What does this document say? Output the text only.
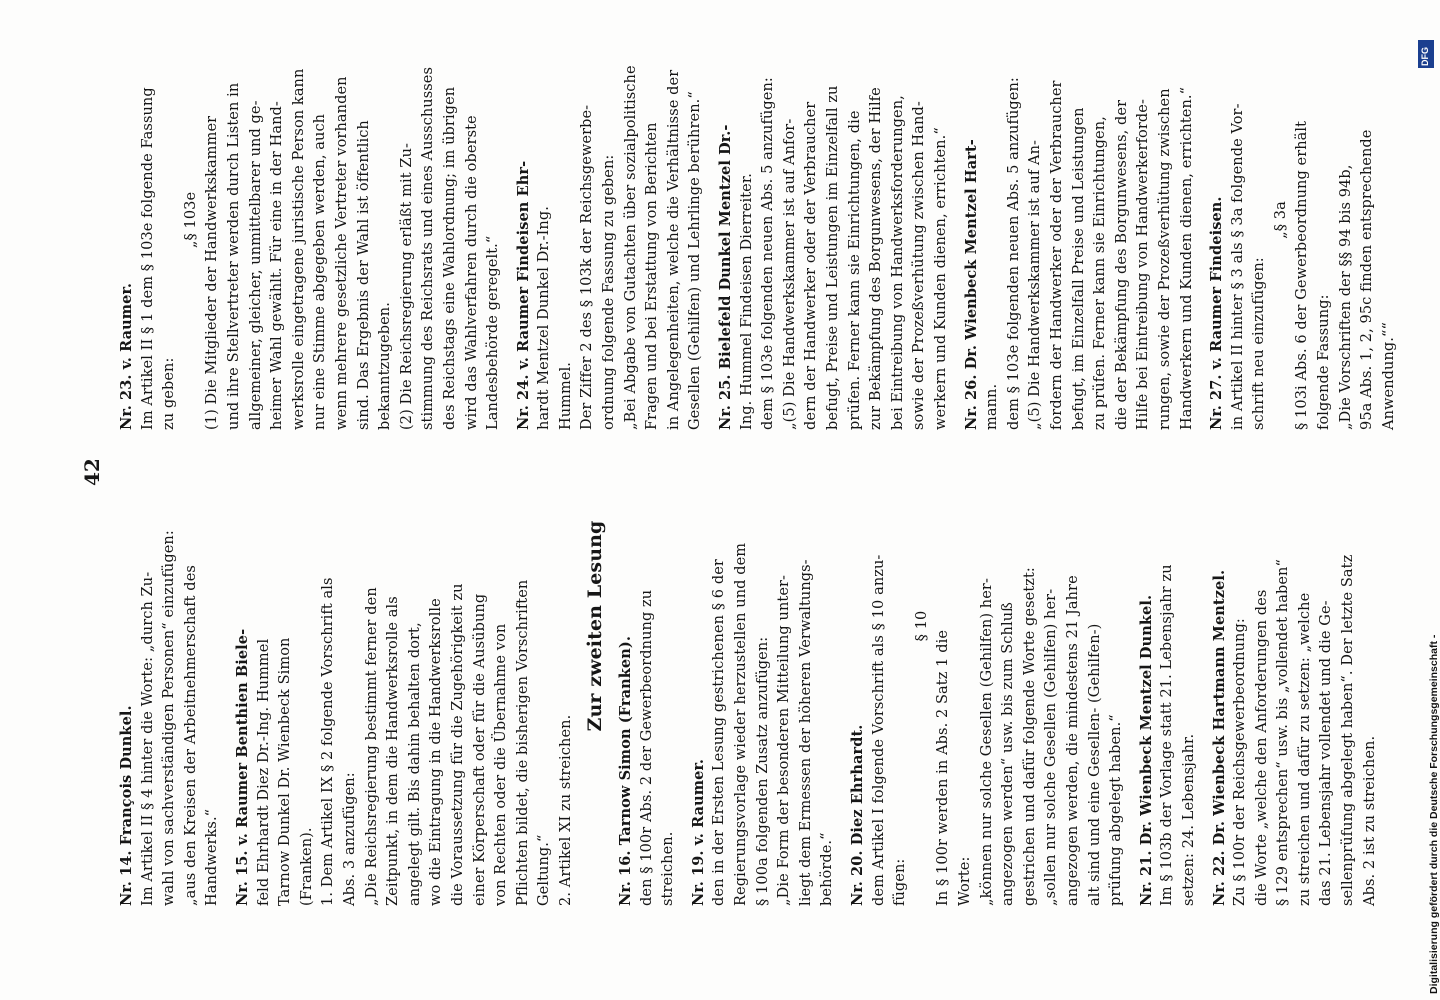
42
Nr. 14. François Dunkel. Im Artikel II § 4 hinter die Worte: „durch Zu- wahl von sachverständigen Personen“ einzufügen: „aus den Kreisen der Arbeitnehmerschaft des Handwerks.“ Nr. 15. v. Raumer Benthien Biele- feld Ehrhardt Diez Dr.-Ing. Hummel Tarnow Dunkel Dr. Wienbeck Simon (Franken). 1. Dem Artikel IX § 2 folgende Vorschrift als Abs. 3 anzufügen: „Die Reichsregierung bestimmt ferner den Zeitpunkt, in dem die Handwerksrolle als angelegt gilt. Bis dahin behalten dort, wo die Eintragung in die Handwerksrolle die Voraussetzung für die Zugehörigkeit zu einer Körperschaft oder für die Ausübung von Rechten oder die Übernahme von Pflichten bildet, die bisherigen Vorschriften Geltung.“ 2. Artikel XI zu streichen.
Zur zweiten Lesung
Nr. 16. Tarnow Simon (Franken). den § 100r Abs. 2 der Gewerbeordnung zu streichen. Nr. 19. v. Raumer. den in der Ersten Lesung gestrichenen § 6 der Regierungsvorlage wieder herzustellen und dem § 100a folgenden Zusatz anzufügen: „Die Form der besonderen Mitteilung unter- liegt dem Ermessen der höheren Verwaltungs- behörde.“ Nr. 20. Diez Ehrhardt. dem Artikel I folgende Vorschrift als § 10 anzu- fügen:
§ 10
In § 100r werden in Abs. 2 Satz 1 die Worte: „können nur solche Gesellen (Gehilfen) her- angezogen werden“ usw. bis zum Schluß gestrichen und dafür folgende Worte gesetzt: „sollen nur solche Gesellen (Gehilfen) her- angezogen werden, die mindestens 21 Jahre alt sind und eine Gesellen- (Gehilfen-) prüfung abgelegt haben.“ Nr. 21. Dr. Wienbeck Mentzel Dunkel. Im § 103b der Vorlage statt 21. Lebensjahr zu setzen: 24. Lebensjahr. Nr. 22. Dr. Wienbeck Hartmann Mentzel. Zu § 100r der Reichsgewerbeordnung: die Worte „welche den Anforderungen des § 129 entsprechen“ usw. bis „vollendet haben“ zu streichen und dafür zu setzen: „welche das 21. Lebensjahr vollendet und die Ge- sellenprüfung abgelegt haben“. Der letzte Satz Abs. 2 ist zu streichen.
Nr. 23. v. Raumer. Im Artikel II § 1 dem § 103e folgende Fassung zu geben:
„§ 103e (1) Die Mitglieder der Handwerkskammer und ihre Stellvertreter werden durch Listen in allgemeiner, gleicher, unmittelbarer und ge- heimer Wahl gewählt. Für eine in der Hand- werksrolle eingetragene juristische Person kann nur eine Stimme abgegeben werden, auch wenn mehrere gesetzliche Vertreter vorhanden sind. Das Ergebnis der Wahl ist öffentlich bekanntzugeben. (2) Die Reichsregierung erläßt mit Zu- stimmung des Reichsrats und eines Ausschusses des Reichstags eine Wahlordnung; im übrigen wird das Wahlverfahren durch die oberste Landesbehörde geregelt.“ Nr. 24. v. Raumer Findeisen Ehr- hardt Mentzel Dunkel Dr.-Ing. Hummel. Der Ziffer 2 des § 103k der Reichsgewerbe- ordnung folgende Fassung zu geben: „Bei Abgabe von Gutachten über sozialpolitische Fragen und bei Erstattung von Berichten in Angelegenheiten, welche die Verhältnisse der Gesellen (Gehilfen) und Lehrlinge berühren.“ Nr. 25. Bielefeld Dunkel Mentzel Dr.- Ing. Hummel Findeisen Dierreiter. dem § 103e folgenden neuen Abs. 5 anzufügen: „(5) Die Handwerkskammer ist auf Anfor- dern der Handwerker oder der Verbraucher befugt, Preise und Leistungen im Einzelfall zu prüfen. Ferner kann sie Einrichtungen, die zur Bekämpfung des Borgunwesens, der Hilfe bei Eintreibung von Handwerksforderungen, sowie der Prozeßverhütung zwischen Hand- werkern und Kunden dienen, errichten.“ Nr. 26. Dr. Wienbeck Mentzel Hart- mann. dem § 103e folgenden neuen Abs. 5 anzufügen: „(5) Die Handwerkskammer ist auf An- fordern der Handwerker oder der Verbraucher befugt, im Einzelfall Preise und Leistungen zu prüfen. Ferner kann sie Einrichtungen, die der Bekämpfung des Borgunwesens, der Hilfe bei Eintreibung von Handwerkerforde- rungen, sowie der Prozeßverhütung zwischen Handwerkern und Kunden dienen, errichten.“ Nr. 27. v. Raumer Findeisen. in Artikel II hinter § 3 als § 3a folgende Vor- schrift neu einzufügen:
„§ 3a § 103i Abs. 6 der Gewerbeordnung erhält folgende Fassung: „Die Vorschriften der §§ 94 bis 94b, 95a Abs. 1, 2, 95c finden entsprechende Anwendung.““
DFG
Digitalisierung gefördert durch die Deutsche Forschungsgemeinschaft -
